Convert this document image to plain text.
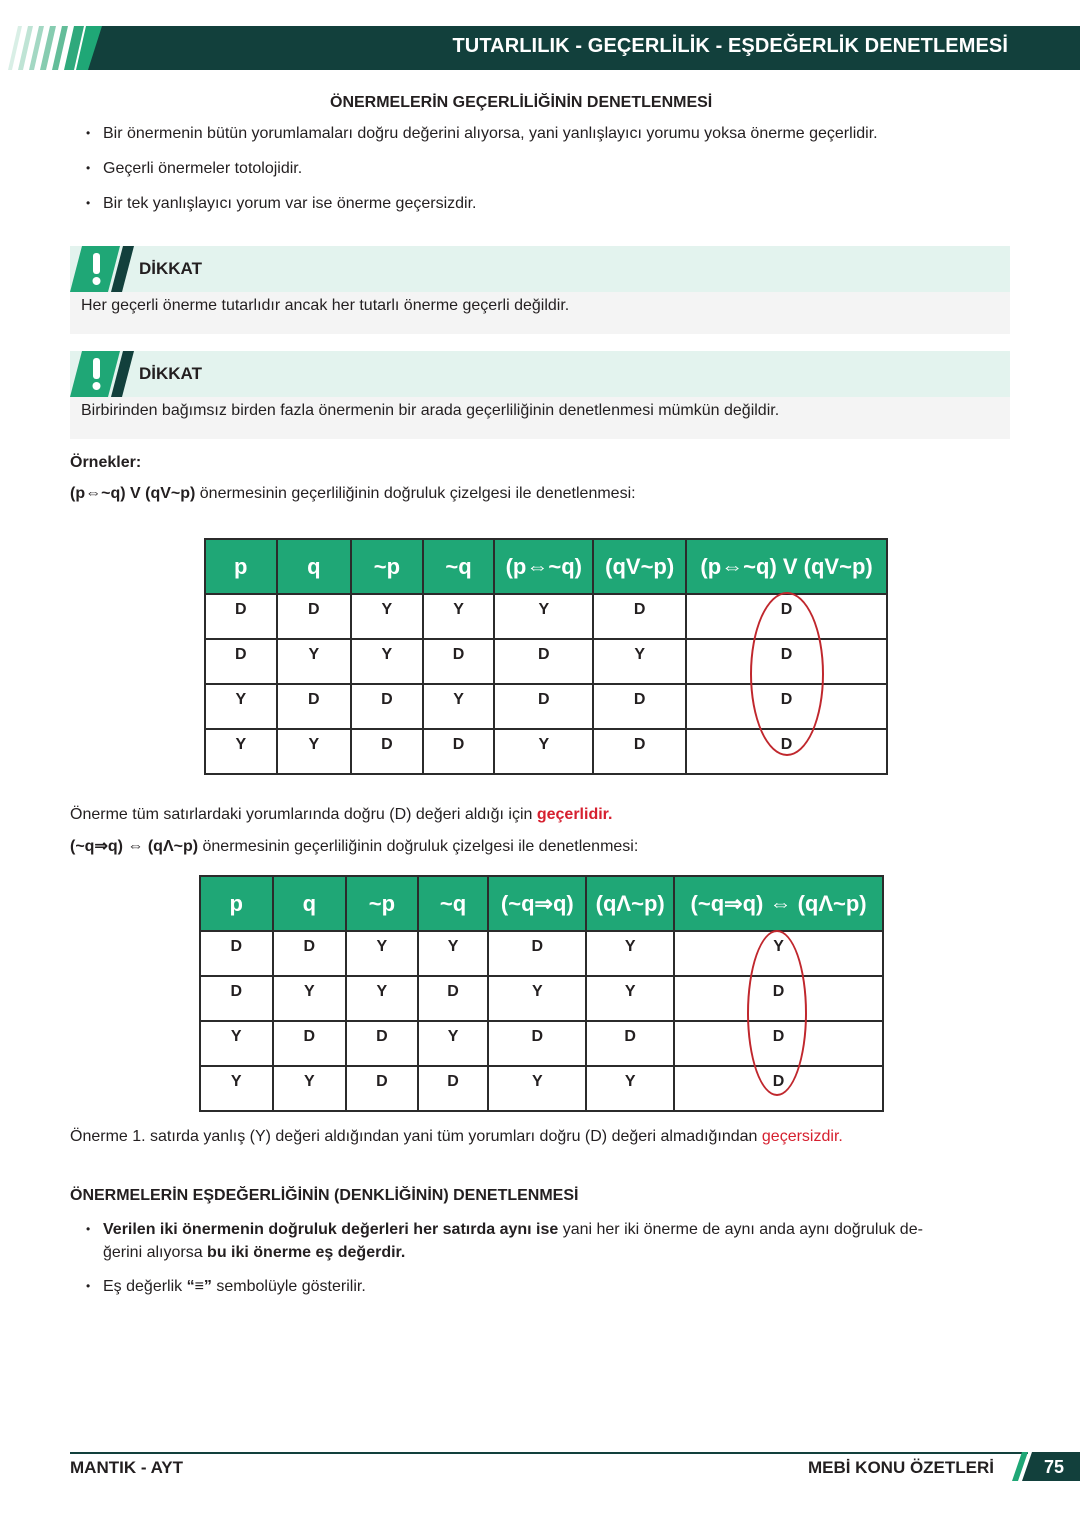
TUTARLILIK - GEÇERLİLİK - EŞDEĞERLİK DENETLEMESİ
ÖNERMELERİN GEÇERLİLİĞİNİN DENETLENMESİ
• Bir önermenin bütün yorumlamaları doğru değerini alıyorsa, yani yanlışlayıcı yorumu yoksa önerme geçerlidir.
• Geçerli önermeler totolojidir.
• Bir tek yanlışlayıcı yorum var ise önerme geçersizdir.
DİKKAT
Her geçerli önerme tutarlıdır ancak her tutarlı önerme geçerli değildir.
DİKKAT
Birbirinden bağımsız birden fazla önermenin bir arada geçerliliğinin denetlenmesi mümkün değildir.
Örnekler:
(p⇔~q) V (qV~p) önermesinin geçerliliğinin doğruluk çizelgesi ile denetlenmesi:
p	q	~p	~q	(p⇔~q)	(qV~p)	(p⇔~q) V (qV~p)
D	D	Y	Y	Y	D	D
D	Y	Y	D	D	Y	D
Y	D	D	Y	D	D	D
Y	Y	D	D	Y	D	D
Önerme tüm satırlardaki yorumlarında doğru (D) değeri aldığı için geçerlidir.
(~q⇒q) ⇔ (qΛ~p) önermesinin geçerliliğinin doğruluk çizelgesi ile denetlenmesi:
p	q	~p	~q	(~q⇒q)	(qΛ~p)	(~q⇒q) ⇔ (qΛ~p)
D	D	Y	Y	D	Y	Y
D	Y	Y	D	Y	Y	D
Y	D	D	Y	D	D	D
Y	Y	D	D	Y	Y	D
Önerme 1. satırda yanlış (Y) değeri aldığından yani tüm yorumları doğru (D) değeri almadığından geçersizdir.
ÖNERMELERİN EŞDEĞERLİĞİNİN (DENKLİĞİNİN) DENETLENMESİ
• Verilen iki önermenin doğruluk değerleri her satırda aynı ise yani her iki önerme de aynı anda aynı doğruluk de-
ğerini alıyorsa bu iki önerme eş değerdir.
• Eş değerlik “≡” sembolüyle gösterilir.
MANTIK - AYT	MEBİ KONU ÖZETLERİ	75
